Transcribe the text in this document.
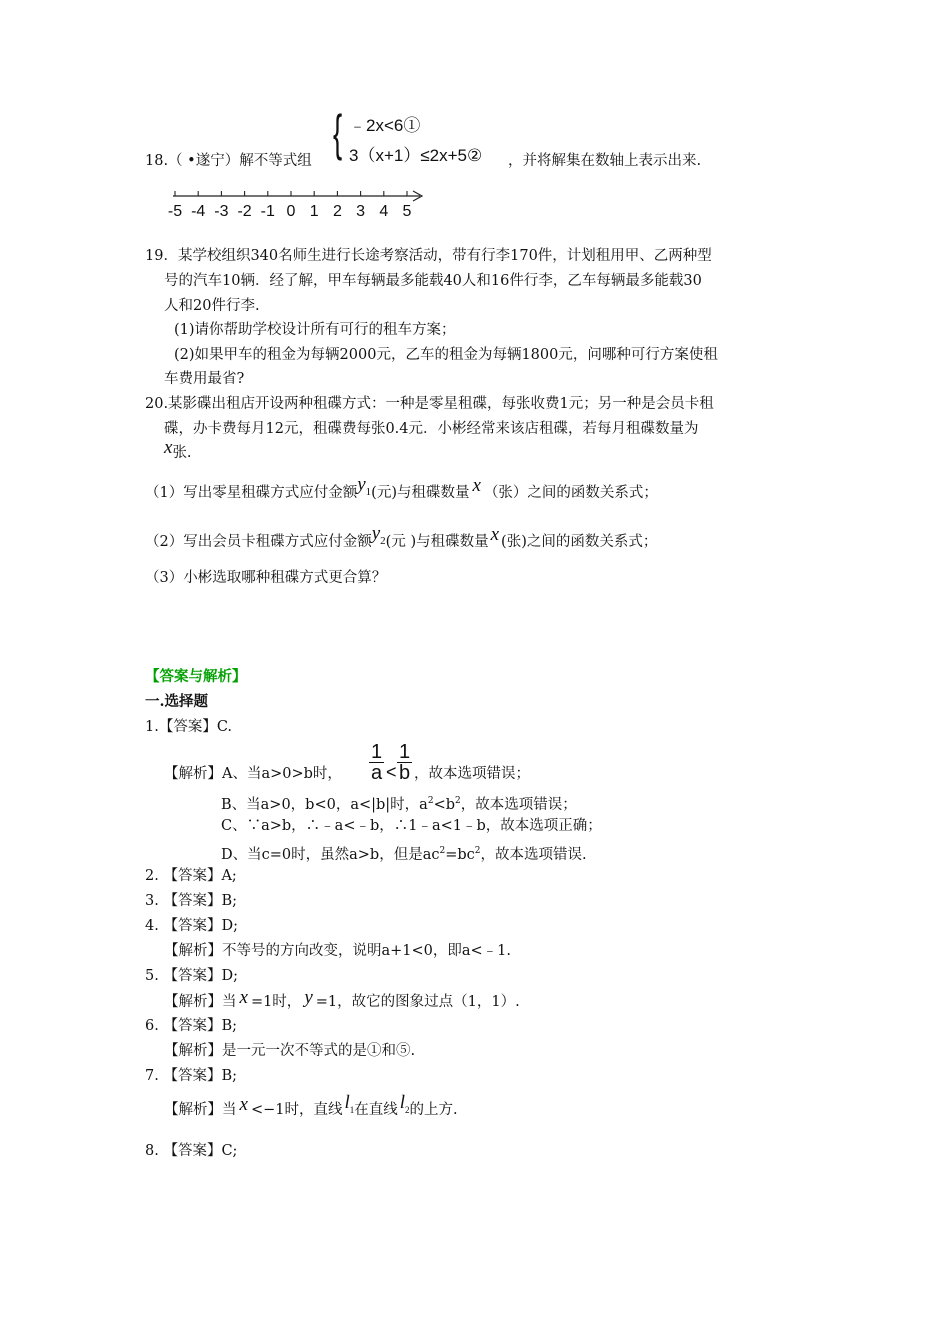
{ ﹣2x<6①
3（x+1）≤2x+5②
18.（ •遂宁）解不等式组	，并将解集在数轴上表示出来.
-5 -4 -3 -2 -1 0 1 2 3 4 5
19．某学校组织340名师生进行长途考察活动，带有行李170件，计划租用甲、乙两种型
号的汽车10辆．经了解，甲车每辆最多能载40人和16件行李，乙车每辆最多能载30
人和20件行李.
(1)请你帮助学校设计所有可行的租车方案；
(2)如果甲车的租金为每辆2000元，乙车的租金为每辆1800元，问哪种可行方案使租
车费用最省?
20.某影碟出租店开设两种租碟方式：一种是零星租碟，每张收费1元；另一种是会员卡租
碟，办卡费每月12元，租碟费每张0.4元．小彬经常来该店租碟，若每月租碟数量为
x张.
（1）写出零星租碟方式应付金额$y_1$(元)与租碟数量 x （张）之间的函数关系式；
（2）写出会员卡租碟方式应付金额$y_2$(元 )与租碟数量 x (张)之间的函数关系式；
（3）小彬选取哪种租碟方式更合算？
【答案与解析】
一.选择题
1.【答案】C.
【解析】A、当a>0>b时， $\frac{1}{a} < \frac{1}{b}$ ，故本选项错误；
B、当a>0，b<0，a<|b|时，$a^2<b^2$，故本选项错误；
C、∵a>b，∴﹣a<﹣b，∴1﹣a<1﹣b，故本选项正确；
D、当c=0时，虽然a>b，但是$ac^2=bc^2$，故本选项错误.
2. 【答案】A;
3. 【答案】B;
4. 【答案】D;
【解析】不等号的方向改变，说明a+1<0，即a<﹣1.
5. 【答案】D;
【解析】当 x =1时， y =1，故它的图象过点（1，1）.
6. 【答案】B;
【解析】是一元一次不等式的是①和⑤.
7. 【答案】B;
【解析】当 x <−1时，直线 $l_1$在直线 $l_2$的上方.
8. 【答案】C;
